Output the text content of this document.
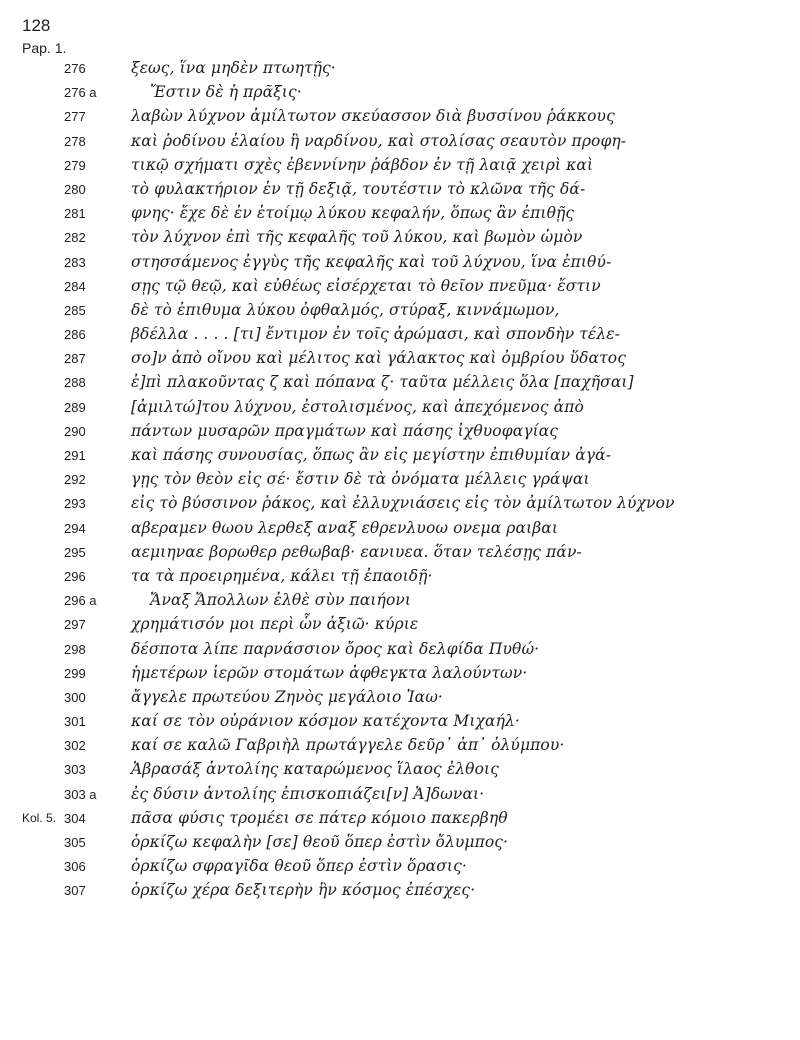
128
Pap. 1.
276	ξεως, ἵνα μηδὲν πτωητῇς·
276 a	Ἔστιν δὲ ἡ πρᾶξις·
277	λαβὼν λύχνον ἀμίλτωτον σκεύασσον διὰ βυσσίνου ῥάκκους
278	καὶ ῥοδίνου ἐλαίου ἢ ναρδίνου, καὶ στολίσας σεαυτὸν προφη-
279	τικῷ σχήματι σχὲς ἐβεννίνην ῥάβδον ἐν τῇ λαιᾷ χειρὶ καὶ
280	τὸ φυλακτήριον ἐν τῇ δεξιᾷ, τουτέστιν τὸ κλῶνα τῆς δά-
281	φνης· ἔχε δὲ ἐν ἑτοίμῳ λύκου κεφαλήν, ὅπως ἂν ἐπιθῇς
282	τὸν λύχνον ἐπὶ τῆς κεφαλῆς τοῦ λύκου, καὶ βωμὸν ὠμὸν
283	στησσάμενος ἐγγὺς τῆς κεφαλῆς καὶ τοῦ λύχνου, ἵνα ἐπιθύ-
284	σῃς τῷ θεῷ, καὶ εὐθέως εἰσέρχεται τὸ θεῖον πνεῦμα· ἔστιν
285	δὲ τὸ ἐπιθυμα λύκου ὀφθαλμός, στύραξ, κιννάμωμον,
286	βδέλλα . . . . [τι] ἔντιμον ἐν τοῖς ἀρώμασι, καὶ σπονδὴν τέλε-
287	σο]ν ἀπὸ οἴνου καὶ μέλιτος καὶ γάλακτος καὶ ὀμβρίου ὕδατος
288	ἐ]πὶ πλακοῦντας ζ καὶ πόπανα ζ· ταῦτα μέλλεις ὅλα [παχῆσαι]
289	[ἀμιλτώ]του λύχνου, ἐστολισμένος, καὶ ἀπεχόμενος ἀπὸ
290	πάντων μυσαρῶν πραγμάτων καὶ πάσης ἰχθυοφαγίας
291	καὶ πάσης συνουσίας, ὅπως ἂν εἰς μεγίστην ἐπιθυμίαν ἀγά-
292	γῃς τὸν θεὸν εἰς σέ· ἔστιν δὲ τὰ ὀνόματα μέλλεις γράψαι
293	εἰς τὸ βύσσινον ῥάκος, καὶ ἐλλυχνιάσεις εἰς τὸν ἀμίλτωτον λύχνον
294	αβεραμεν θωου λερθεξ αναξ εθρενλυοω ονεμα ραιβαι
295	αεμιηναε βορωθερ ρεθωβαβ· εανιυεα. ὅταν τελέσῃς πάν-
296	τα τὰ προειρημένα, κάλει τῇ ἐπαοιδῇ·
296 a	Ἄναξ Ἄπολλων ἐλθὲ σὺν παιήονι
297	χρημάτισόν μοι περὶ ὧν ἀξιῶ· κύριε
298	δέσποτα λίπε παρνάσσιον ὄρος καὶ δελφίδα Πυθώ·
299	ἡμετέρων ἱερῶν στομάτων ἀφθεγκτα λαλούντων·
300	ἄγγελε πρωτεύου Ζηνὸς μεγάλοιο Ἰαω·
301	καί σε τὸν οὐράνιον κόσμον κατέχοντα Μιχαήλ·
302	καί σε καλῶ Γαβριὴλ πρωτάγγελε δεῦρ᾽ ἀπ᾽ ὀλύμπου·
303	Ἀβρασάξ ἀντολίης καταρώμενος ἵλαος ἐλθοις
303 a ἐς δύσιν ἀντολίης ἐπισκοπιάζει[ν] Ἀ]δωναι·
Kol. 5. 304	πᾶσα φύσις τρομέει σε πάτερ κόμοιο πακερβηθ
305	ὁρκίζω κεφαλὴν [σε] θεοῦ ὅπερ ἐστὶν ὄλυμπος·
306	ὁρκίζω σφραγῖδα θεοῦ ὅπερ ἐστὶν ὅρασις·
307	ὁρκίζω χέρα δεξιτερὴν ἣν κόσμος ἐπέσχες·
